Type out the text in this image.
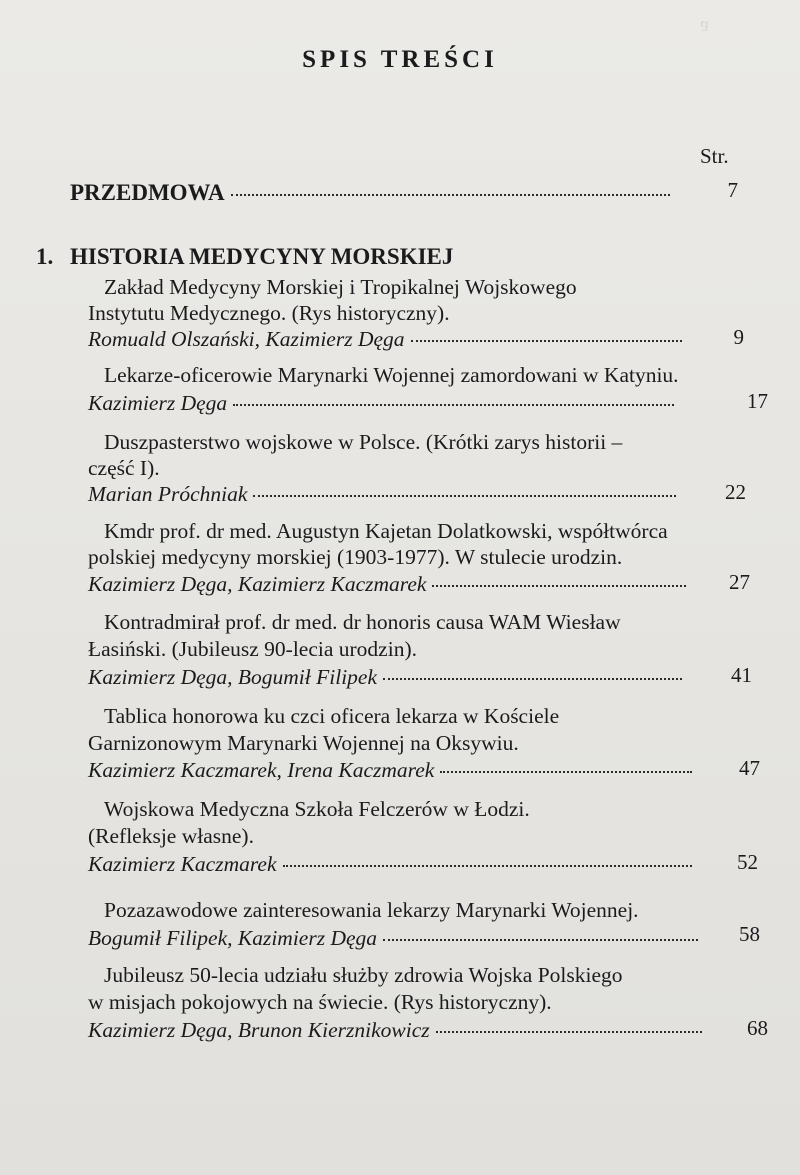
ɐ
SPIS TREŚCI
Str.
PRZEDMOWA	7
1. HISTORIA MEDYCYNY MORSKIEJ
Zakład Medycyny Morskiej i Tropikalnej Wojskowego
Instytutu Medycznego. (Rys historyczny).
Romuald Olszański, Kazimierz Dęga	9
Lekarze-oficerowie Marynarki Wojennej zamordowani w Katyniu.
Kazimierz Dęga	17
Duszpasterstwo wojskowe w Polsce. (Krótki zarys historii –
część I).
Marian Próchniak	22
Kmdr prof. dr med. Augustyn Kajetan Dolatkowski, współtwórca
polskiej medycyny morskiej (1903-1977). W stulecie urodzin.
Kazimierz Dęga, Kazimierz Kaczmarek	27
Kontradmirał prof. dr med. dr honoris causa WAM Wiesław
Łasiński. (Jubileusz 90-lecia urodzin).
Kazimierz Dęga, Bogumił Filipek	41
Tablica honorowa ku czci oficera lekarza w Kościele
Garnizonowym Marynarki Wojennej na Oksywiu.
Kazimierz Kaczmarek, Irena Kaczmarek	47
Wojskowa Medyczna Szkoła Felczerów w Łodzi.
(Refleksje własne).
Kazimierz Kaczmarek	52
Pozazawodowe zainteresowania lekarzy Marynarki Wojennej.
Bogumił Filipek, Kazimierz Dęga	58
Jubileusz 50-lecia udziału służby zdrowia Wojska Polskiego
w misjach pokojowych na świecie. (Rys historyczny).
Kazimierz Dęga, Brunon Kierznikowicz	68
